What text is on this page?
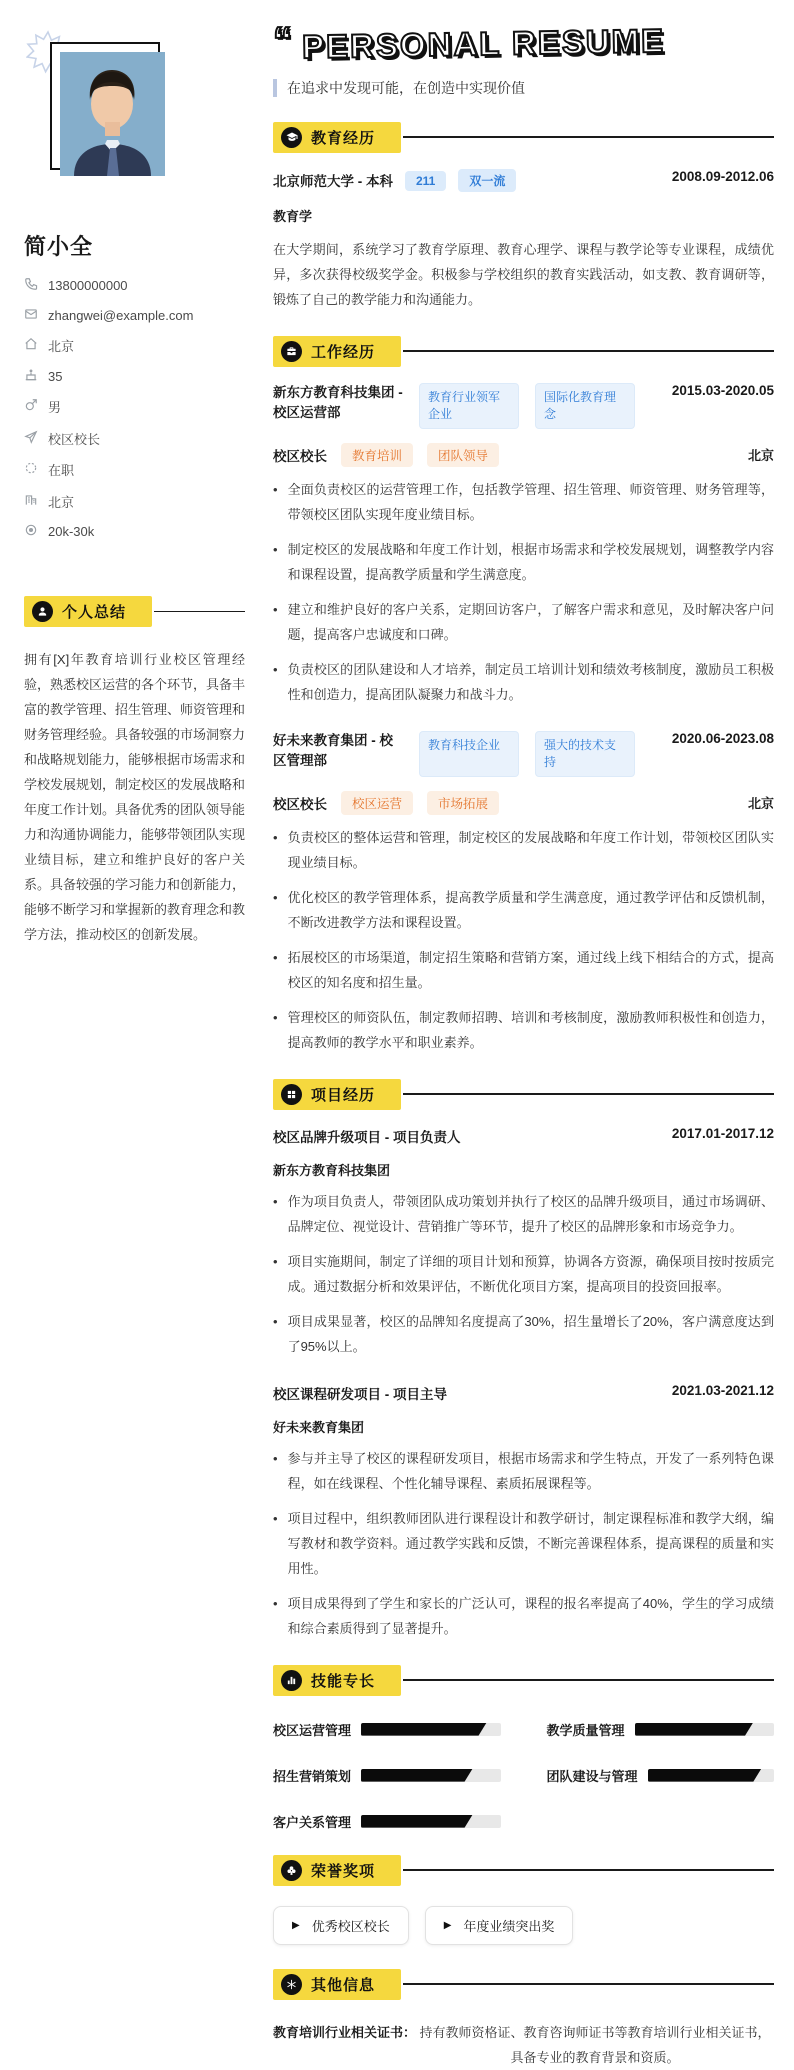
简小全
13800000000
zhangwei@example.com
北京
35
男
校区校长
在职
北京
20k-30k
个人总结

拥有[X]年教育培训行业校区管理经验，熟悉校区运营的各个环节，具备丰富的教学管理、招生管理、师资管理和财务管理经验。具备较强的市场洞察力和战略规划能力，能够根据市场需求和学校发展规划，制定校区的发展战略和年度工作计划。具备优秀的团队领导能力和沟通协调能力，能够带领团队实现业绩目标，建立和维护良好的客户关系。具备较强的学习能力和创新能力，能够不断学习和掌握新的教育理念和教学方法，推动校区的创新发展。

“ PERSONAL RESUME
在追求中发现可能，在创造中实现价值
教育经历
北京师范大学 - 本科 211	双一流	2008.09-2012.06
教育学

在大学期间，系统学习了教育学原理、教育心理学、课程与教学论等专业课程，成绩优异，多次获得校级奖学金。积极参与学校组织的教育实践活动，如支教、教育调研等，锻炼了自己的教学能力和沟通能力。

工作经历
新东方教育科技集团 - 校区运营部
教育行业领军企业
国际化教育理念
2015.03-2020.05
校区校长	教育培训	团队领导	北京

• 全面负责校区的运营管理工作，包括教学管理、招生管理、师资管理、财务管理等，带领校区团队实现年度业绩目标。

• 制定校区的发展战略和年度工作计划，根据市场需求和学校发展规划，调整教学内容和课程设置，提高教学质量和学生满意度。

• 建立和维护良好的客户关系，定期回访客户，了解客户需求和意见，及时解决客户问题，提高客户忠诚度和口碑。

• 负责校区的团队建设和人才培养，制定员工培训计划和绩效考核制度，激励员工积极性和创造力，提高团队凝聚力和战斗力。

好未来教育集团 - 校区管理部
教育科技企业	强大的技术支持
2020.06-2023.08
校区校长	校区运营	市场拓展	北京

• 负责校区的整体运营和管理，制定校区的发展战略和年度工作计划，带领校区团队实现业绩目标。

• 优化校区的教学管理体系，提高教学质量和学生满意度，通过教学评估和反馈机制，不断改进教学方法和课程设置。

• 拓展校区的市场渠道，制定招生策略和营销方案，通过线上线下相结合的方式，提高校区的知名度和招生量。

• 管理校区的师资队伍，制定教师招聘、培训和考核制度，激励教师积极性和创造力，提高教师的教学水平和职业素养。

项目经历
校区品牌升级项目 - 项目负责人	2017.01-2017.12
新东方教育科技集团

• 作为项目负责人，带领团队成功策划并执行了校区的品牌升级项目，通过市场调研、品牌定位、视觉设计、营销推广等环节，提升了校区的品牌形象和市场竞争力。

• 项目实施期间，制定了详细的项目计划和预算，协调各方资源，确保项目按时按质完成。通过数据分析和效果评估，不断优化项目方案，提高项目的投资回报率。

• 项目成果显著，校区的品牌知名度提高了30%，招生量增长了20%，客户满意度达到了95%以上。

校区课程研发项目 - 项目主导	2021.03-2021.12
好未来教育集团

• 参与并主导了校区的课程研发项目，根据市场需求和学生特点，开发了一系列特色课程，如在线课程、个性化辅导课程、素质拓展课程等。

• 项目过程中，组织教师团队进行课程设计和教学研讨，制定课程标准和教学大纲，编写教材和教学资料。通过教学实践和反馈，不断完善课程体系，提高课程的质量和实用性。

• 项目成果得到了学生和家长的广泛认可，课程的报名率提高了40%，学生的学习成绩和综合素质得到了显著提升。

技能专长
校区运营管理	教学质量管理
招生营销策划	团队建设与管理
客户关系管理
荣誉奖项
▶ 优秀校区校长	▶ 年度业绩突出奖
其他信息
教育培训行业相关证书： 持有教师资格证、教育咨询师证书等教育培训行业相关证书，具备专业的教育背景和资质。
